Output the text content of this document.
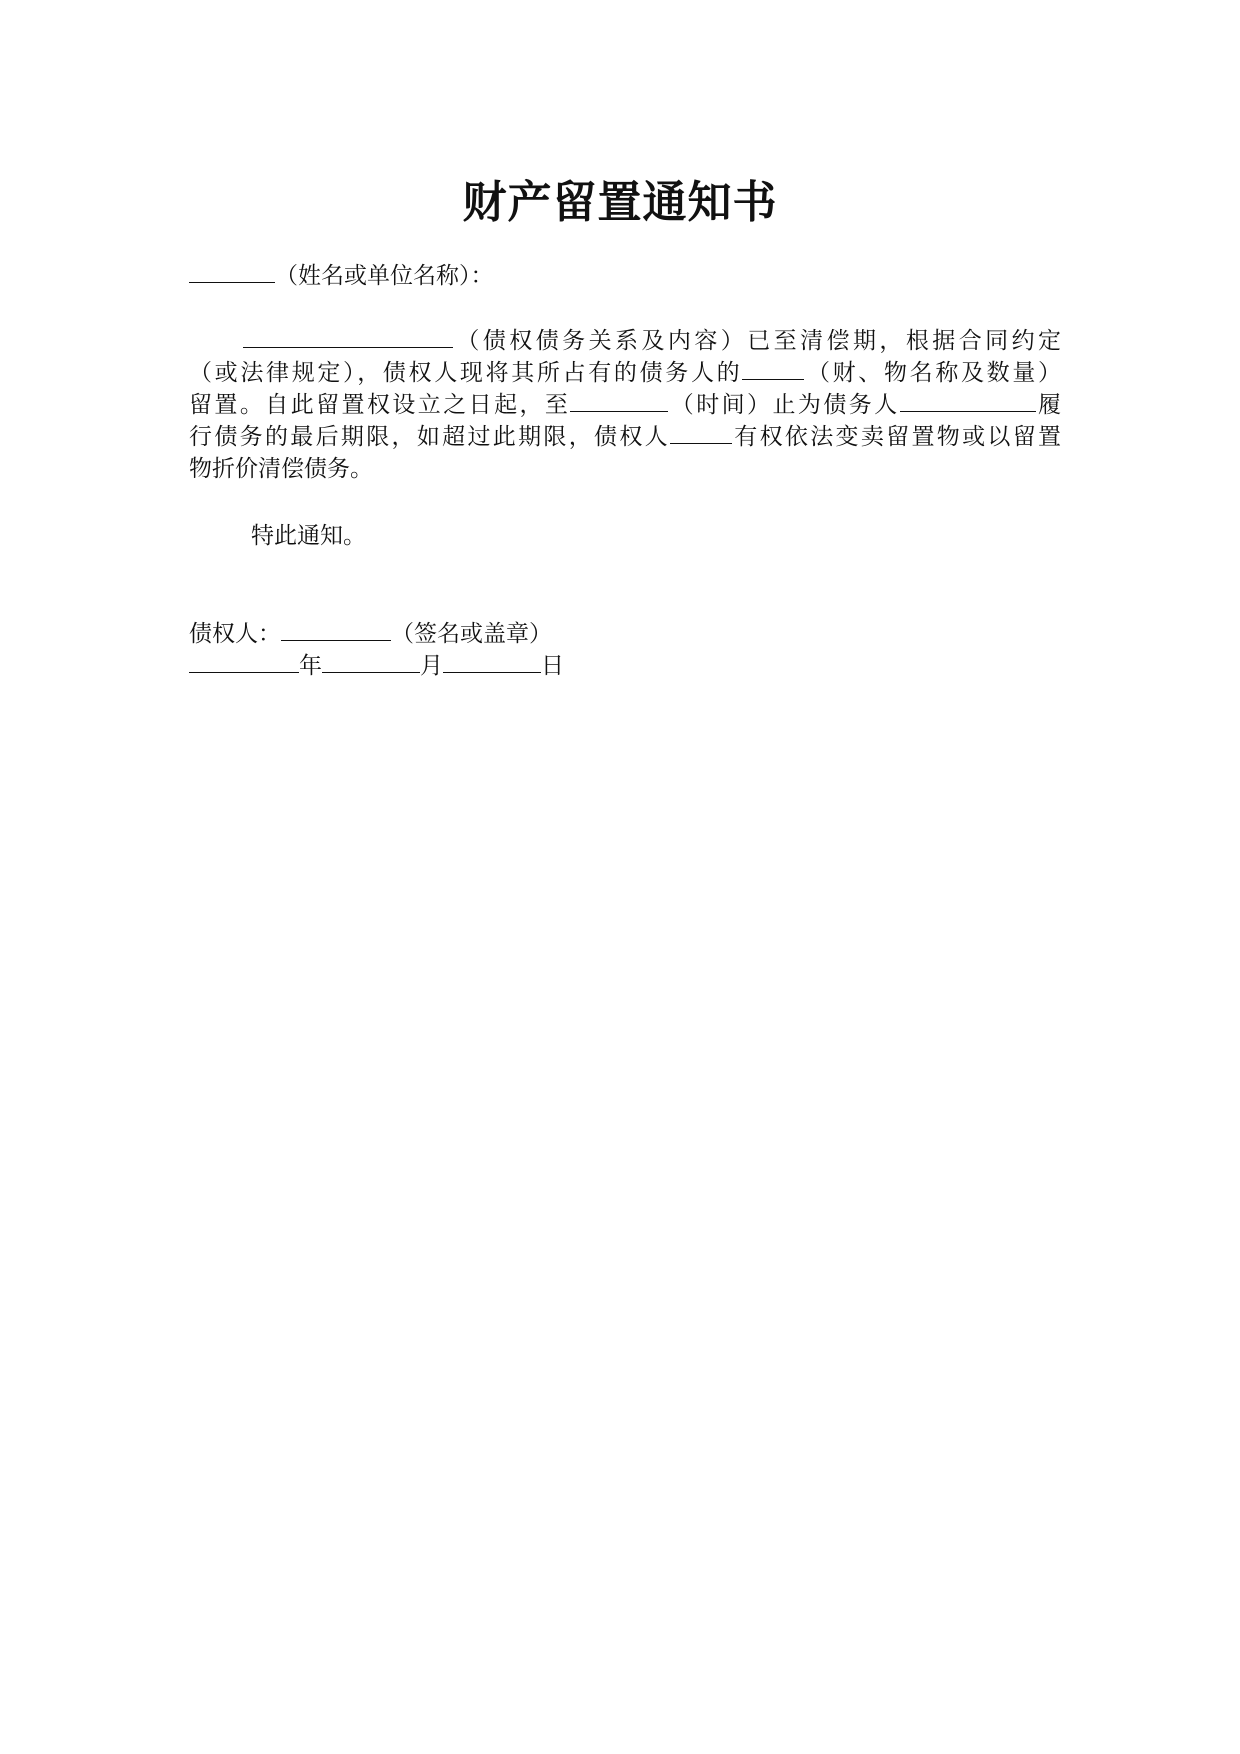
财产留置通知书
（姓名或单位名称）：
（债权债务关系及内容）已至清偿期，根据合同约定
（或法律规定），债权人现将其所占有的债务人的	（财、物名称及数量）
留置。自此留置权设立之日起，至	（时间）止为债务人	履
行债务的最后期限，如超过此期限，债权人	有权依法变卖留置物或以留置
物折价清偿债务。
特此通知。
债权人：	（签名或盖章）
年	月	日
